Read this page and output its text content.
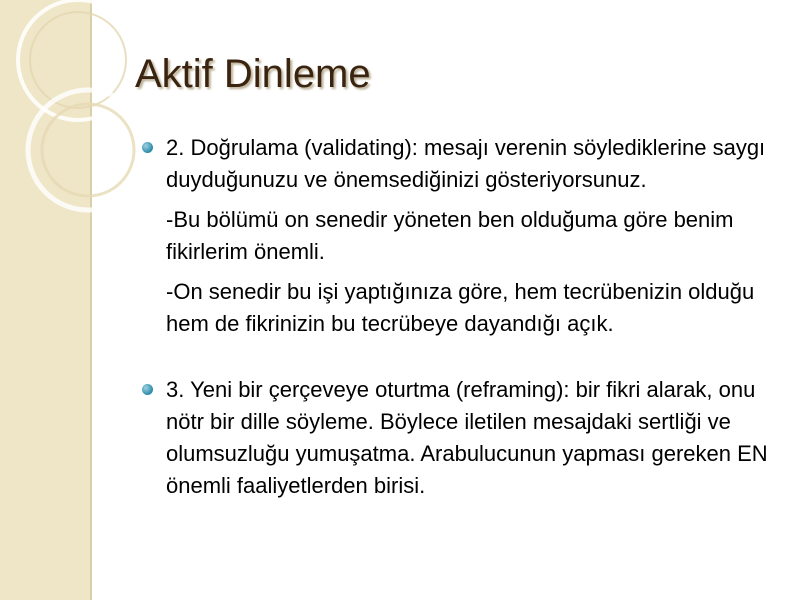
Aktif Dinleme
2. Doğrulama (validating): mesajı verenin söylediklerine saygı duyduğunuzu ve önemsediğinizi gösteriyorsunuz.
-Bu bölümü on senedir yöneten ben olduğuma göre benim fikirlerim önemli.
-On senedir bu işi yaptığınıza göre, hem tecrübenizin olduğu hem de fikrinizin bu tecrübeye dayandığı açık.
3. Yeni bir çerçeveye oturtma (reframing): bir fikri alarak, onu nötr bir dille söyleme. Böylece iletilen mesajdaki sertliği ve olumsuzluğu yumuşatma. Arabulucunun yapması gereken EN önemli faaliyetlerden birisi.
